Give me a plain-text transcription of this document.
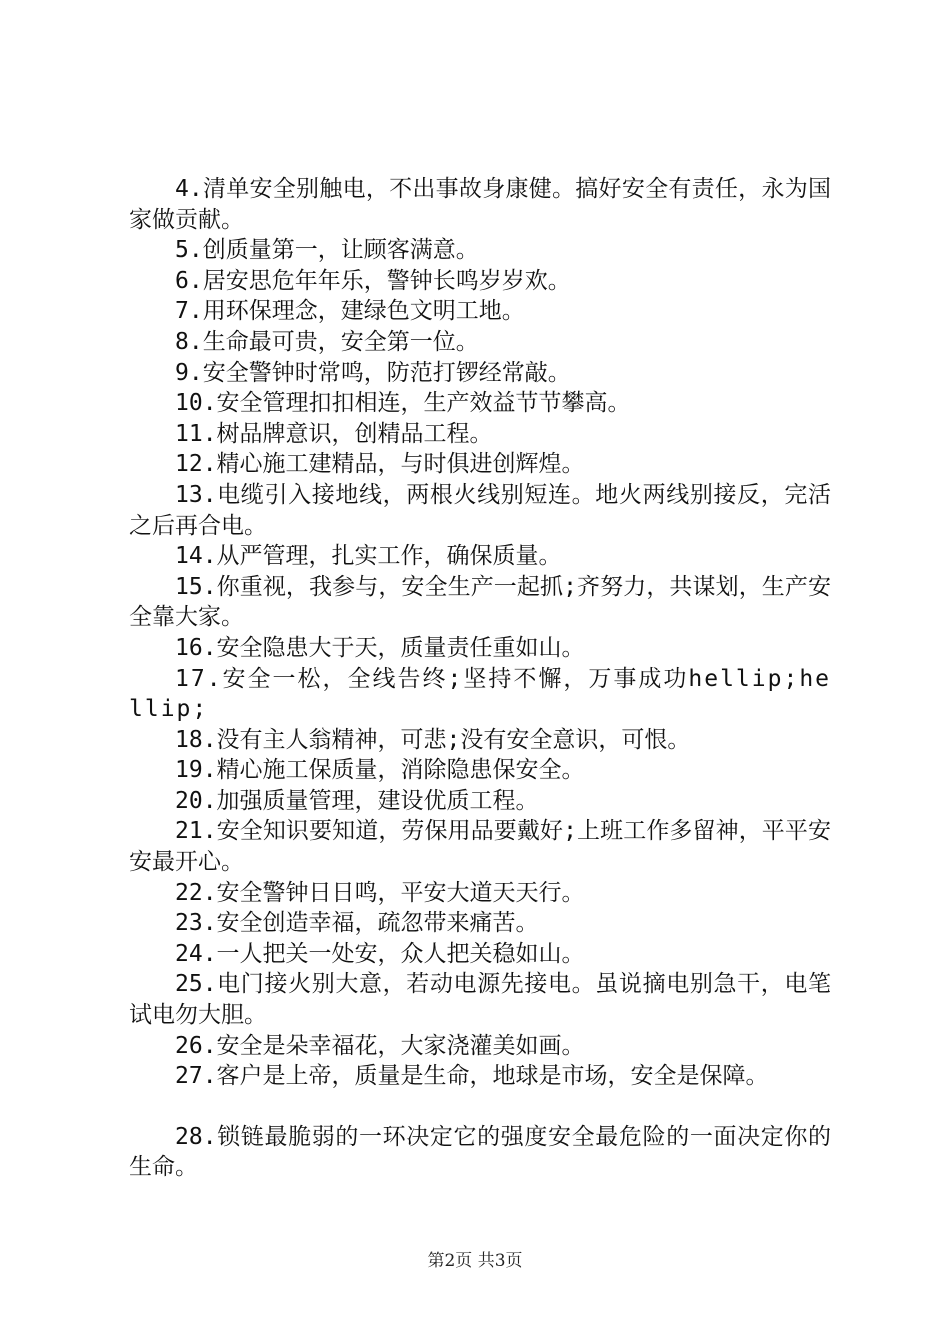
4.清单安全别触电，不出事故身康健。搞好安全有责任，永为国家做贡献。

5.创质量第一，让顾客满意。

6.居安思危年年乐，警钟长鸣岁岁欢。

7.用环保理念，建绿色文明工地。

8.生命最可贵，安全第一位。

9.安全警钟时常鸣，防范打锣经常敲。

10.安全管理扣扣相连，生产效益节节攀高。

11.树品牌意识，创精品工程。

12.精心施工建精品，与时俱进创辉煌。

13.电缆引入接地线，两根火线别短连。地火两线别接反，完活之后再合电。

14.从严管理，扎实工作，确保质量。

15.你重视，我参与，安全生产一起抓;齐努力，共谋划，生产安全靠大家。

16.安全隐患大于天，质量责任重如山。

17.安全一松，全线告终;坚持不懈，万事成功hellip;hellip;

18.没有主人翁精神，可悲;没有安全意识，可恨。

19.精心施工保质量，消除隐患保安全。

20.加强质量管理，建设优质工程。

21.安全知识要知道，劳保用品要戴好;上班工作多留神，平平安安最开心。

22.安全警钟日日鸣，平安大道天天行。

23.安全创造幸福，疏忽带来痛苦。

24.一人把关一处安，众人把关稳如山。

25.电门接火别大意，若动电源先接电。虽说摘电别急干，电笔试电勿大胆。

26.安全是朵幸福花，大家浇灌美如画。

27.客户是上帝，质量是生命，地球是市场，安全是保障。

28.锁链最脆弱的一环决定它的强度安全最危险的一面决定你的生命。

第2页 共3页
